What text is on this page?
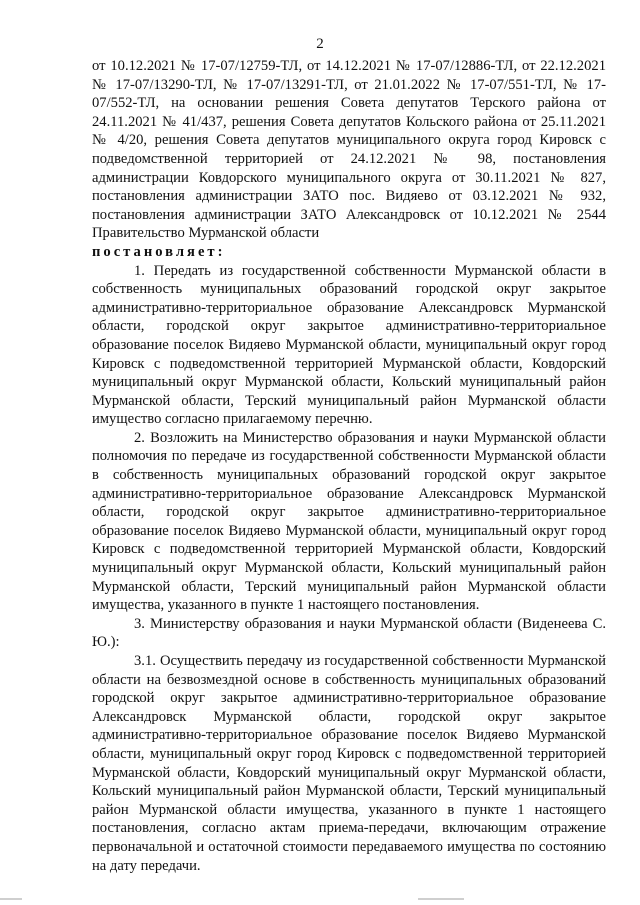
2

от 10.12.2021 № 17-07/12759-ТЛ, от 14.12.2021 № 17-07/12886-ТЛ, от 22.12.2021 № 17-07/13290-ТЛ, № 17-07/13291-ТЛ, от 21.01.2022 № 17-07/551-ТЛ, № 17-07/552-ТЛ, на основании решения Совета депутатов Терского района от 24.11.2021 № 41/437, решения Совета депутатов Кольского района от 25.11.2021 № 4/20, решения Совета депутатов муниципального округа город Кировск с подведомственной территорией от 24.12.2021 № 98, постановления администрации Ковдорского муниципального округа от 30.11.2021 № 827, постановления администрации ЗАТО пос. Видяево от 03.12.2021 № 932, постановления администрации ЗАТО Александровск от 10.12.2021 № 2544 Правительство Мурманской области

постановляет:

1. Передать из государственной собственности Мурманской области в собственность муниципальных образований городской округ закрытое административно-территориальное образование Александровск Мурманской области, городской округ закрытое административно-территориальное образование поселок Видяево Мурманской области, муниципальный округ город Кировск с подведомственной территорией Мурманской области, Ковдорский муниципальный округ Мурманской области, Кольский муниципальный район Мурманской области, Терский муниципальный район Мурманской области имущество согласно прилагаемому перечню.

2. Возложить на Министерство образования и науки Мурманской области полномочия по передаче из государственной собственности Мурманской области в собственность муниципальных образований городской округ закрытое административно-территориальное образование Александровск Мурманской области, городской округ закрытое административно-территориальное образование поселок Видяево Мурманской области, муниципальный округ город Кировск с подведомственной территорией Мурманской области, Ковдорский муниципальный округ Мурманской области, Кольский муниципальный район Мурманской области, Терский муниципальный район Мурманской области имущества, указанного в пункте 1 настоящего постановления.

3. Министерству образования и науки Мурманской области (Виденеева С. Ю.):

3.1. Осуществить передачу из государственной собственности Мурманской области на безвозмездной основе в собственность муниципальных образований городской округ закрытое административно-территориальное образование Александровск Мурманской области, городской округ закрытое административно-территориальное образование поселок Видяево Мурманской области, муниципальный округ город Кировск с подведомственной территорией Мурманской области, Ковдорский муниципальный округ Мурманской области, Кольский муниципальный район Мурманской области, Терский муниципальный район Мурманской области имущества, указанного в пункте 1 настоящего постановления, согласно актам приема-передачи, включающим отражение первоначальной и остаточной стоимости передаваемого имущества по состоянию на дату передачи.
